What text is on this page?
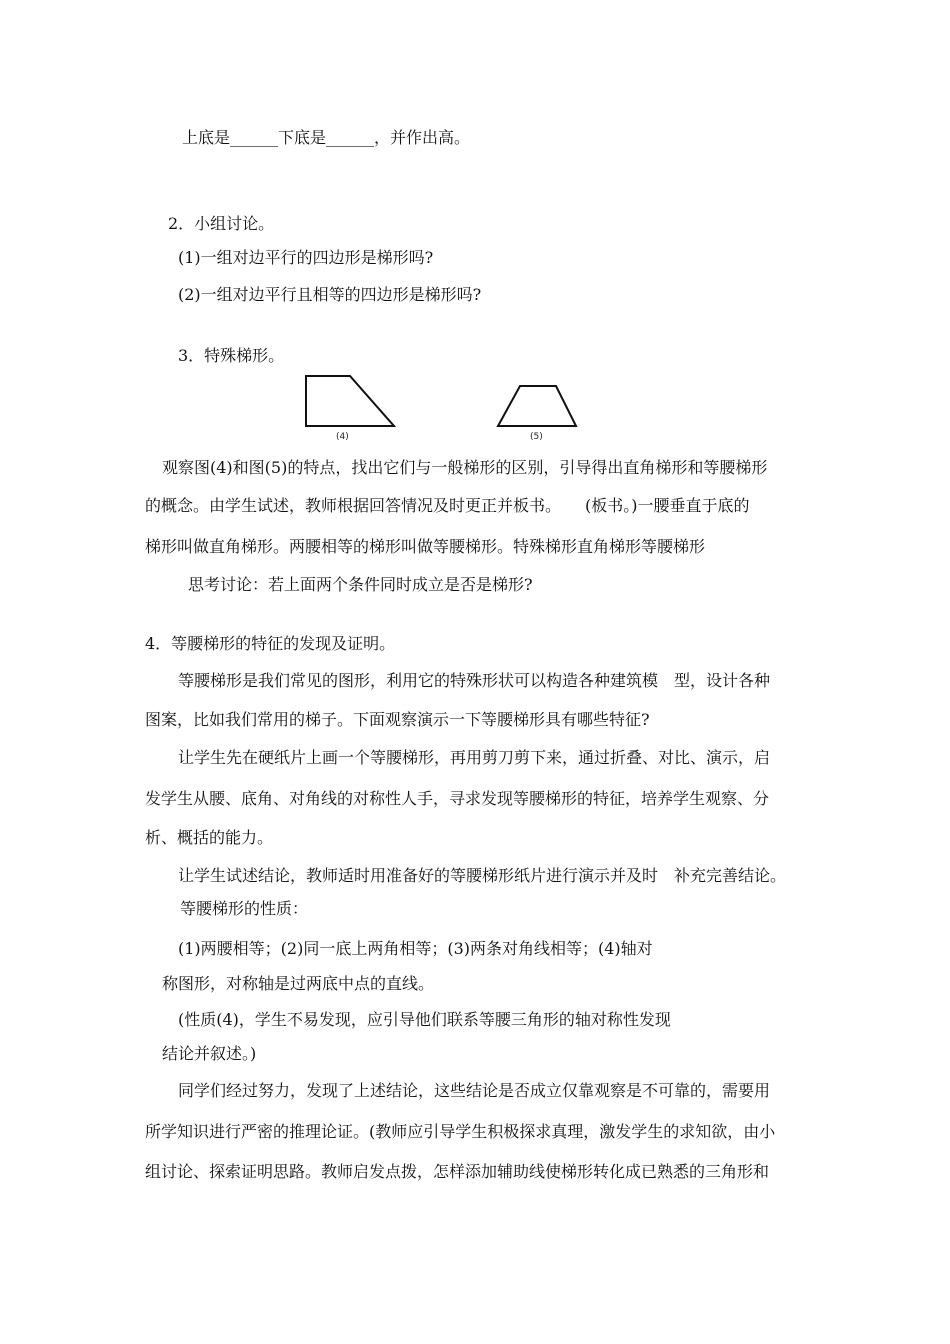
上底是______下底是______，并作出高。
2．小组讨论。
(1)一组对边平行的四边形是梯形吗?
(2)一组对边平行且相等的四边形是梯形吗?
3．特殊梯形。
(4)	(5)
观察图(4)和图(5)的特点，找出它们与一般梯形的区别，引导得出直角梯形和等腰梯形
的概念。由学生试述，教师根据回答情况及时更正并板书。　　(板书。)一腰垂直于底的
梯形叫做直角梯形。两腰相等的梯形叫做等腰梯形。特殊梯形直角梯形等腰梯形
思考讨论：若上面两个条件同时成立是否是梯形?
4．等腰梯形的特征的发现及证明。
等腰梯形是我们常见的图形，利用它的特殊形状可以构造各种建筑模　型，设计各种
图案，比如我们常用的梯子。下面观察演示一下等腰梯形具有哪些特征?
让学生先在硬纸片上画一个等腰梯形，再用剪刀剪下来，通过折叠、对比、演示，启
发学生从腰、底角、对角线的对称性人手，寻求发现等腰梯形的特征，培养学生观察、分
析、概括的能力。
让学生试述结论，教师适时用准备好的等腰梯形纸片进行演示并及时　补充完善结论。
等腰梯形的性质：
(1)两腰相等；(2)同一底上两角相等；(3)两条对角线相等；(4)轴对
称图形，对称轴是过两底中点的直线。
(性质(4)，学生不易发现，应引导他们联系等腰三角形的轴对称性发现
结论并叙述。)
同学们经过努力，发现了上述结论，这些结论是否成立仅靠观察是不可靠的，需要用
所学知识进行严密的推理论证。(教师应引导学生积极探求真理，激发学生的求知欲，由小
组讨论、探索证明思路。教师启发点拨，怎样添加辅助线使梯形转化成已熟悉的三角形和
